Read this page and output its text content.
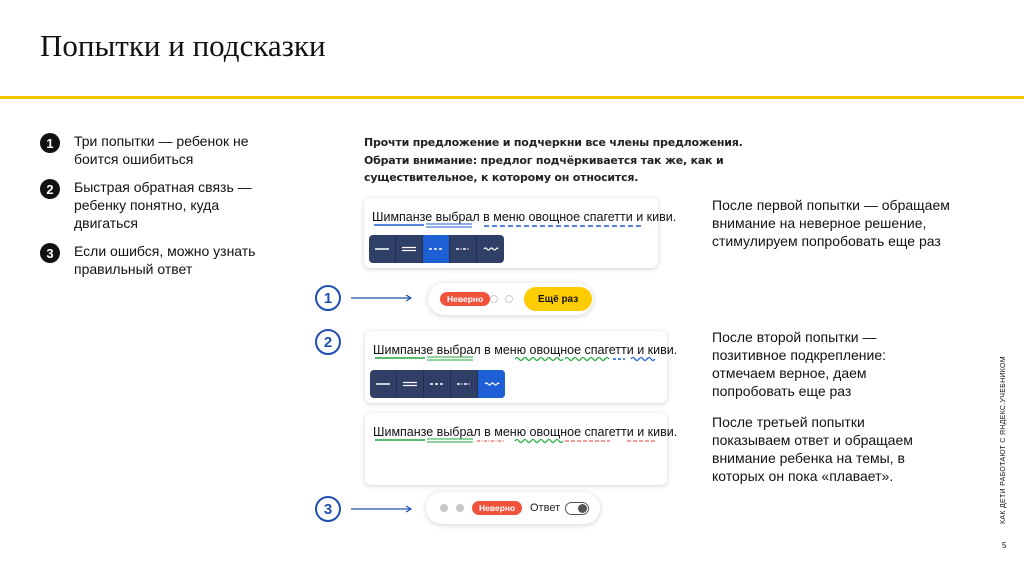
Попытки и подсказки
1	Три попытки — ребенок не боится ошибиться
2	Быстрая обратная связь — ребенку понятно, куда двигаться
3	Если ошибся, можно узнать правильный ответ
Прочти предложение и подчеркни все члены предложения. Обрати внимание: предлог подчёркивается так же, как и существительное, к которому он относится.
Шимпанзе выбрал в меню овощное спагетти и киви.
1	Неверно	Ещё раз
2	Шимпанзе выбрал в меню овощное спагетти и киви.
Шимпанзе выбрал в меню овощное спагетти и киви.
3	Неверно	Ответ
После первой попытки — обращаем внимание на неверное решение, стимулируем попробовать еще раз
После второй попытки — позитивное подкрепление: отмечаем верное, даем попробовать еще раз
После третьей попытки показываем ответ и обращаем внимание ребенка на темы, в которых он пока «плавает».	КАК ДЕТИ РАБОТАЮТ С ЯНДЕКС.УЧЕБНИКОМ
5
